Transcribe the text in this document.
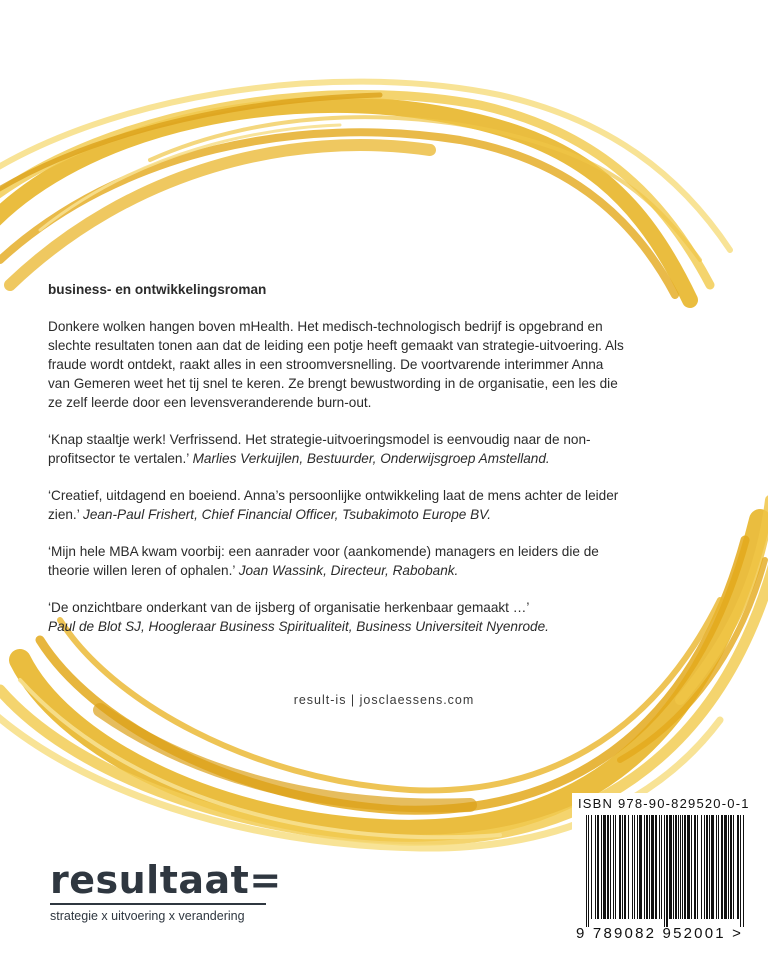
business- en ontwikkelingsroman
Donkere wolken hangen boven mHealth. Het medisch-technologisch bedrijf is opgebrand en slechte resultaten tonen aan dat de leiding een potje heeft gemaakt van strategie-uitvoering. Als fraude wordt ontdekt, raakt alles in een stroomversnelling. De voortvarende interimmer Anna van Gemeren weet het tij snel te keren. Ze brengt bewustwording in de organisatie, een les die ze zelf leerde door een levensveranderende burn-out.
‘Knap staaltje werk! Verfrissend. Het strategie-uitvoeringsmodel is eenvoudig naar de non-profitsector te vertalen.’ Marlies Verkuijlen, Bestuurder, Onderwijsgroep Amstelland.
‘Creatief, uitdagend en boeiend. Anna’s persoonlijke ontwikkeling laat de mens achter de leider zien.’ Jean-Paul Frishert, Chief Financial Officer, Tsubakimoto Europe BV.
‘Mijn hele MBA kwam voorbij: een aanrader voor (aankomende) managers en leiders die de theorie willen leren of ophalen.’ Joan Wassink, Directeur, Rabobank.
‘De onzichtbare onderkant van de ijsberg of organisatie herkenbaar gemaakt …’
Paul de Blot SJ, Hoogleraar Business Spiritualiteit, Business Universiteit Nyenrode.
result-is | josclaessens.com
resultaat=
strategie x uitvoering x verandering
ISBN 978-90-829520-0-1
9 789082 952001 >
